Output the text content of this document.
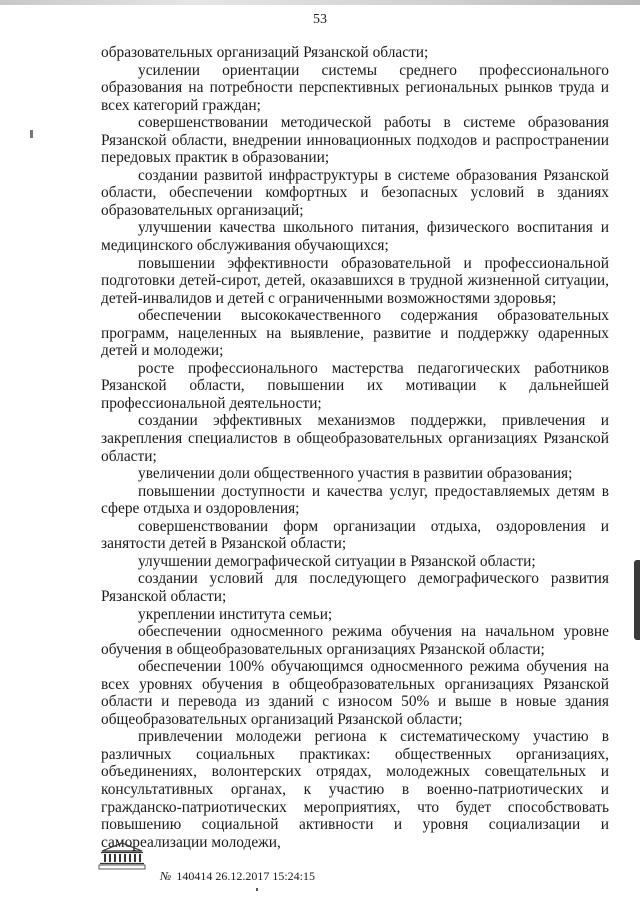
53

образовательных организаций Рязанской области;

усилении ориентации системы среднего профессионального образования на потребности перспективных региональных рынков труда и всех категорий граждан;

совершенствовании методической работы в системе образования Рязанской области, внедрении инновационных подходов и распространении передовых практик в образовании;

создании развитой инфраструктуры в системе образования Рязанской области, обеспечении комфортных и безопасных условий в зданиях образовательных организаций;

улучшении качества школьного питания, физического воспитания и медицинского обслуживания обучающихся;

повышении эффективности образовательной и профессиональной подготовки детей-сирот, детей, оказавшихся в трудной жизненной ситуации, детей-инвалидов и детей с ограниченными возможностями здоровья;

обеспечении высококачественного содержания образовательных программ, нацеленных на выявление, развитие и поддержку одаренных детей и молодежи;

росте профессионального мастерства педагогических работников Рязанской области, повышении их мотивации к дальнейшей профессиональной деятельности;

создании эффективных механизмов поддержки, привлечения и закрепления специалистов в общеобразовательных организациях Рязанской области;

увеличении доли общественного участия в развитии образования;

повышении доступности и качества услуг, предоставляемых детям в сфере отдыха и оздоровления;

совершенствовании форм организации отдыха, оздоровления и занятости детей в Рязанской области;

улучшении демографической ситуации в Рязанской области;

создании условий для последующего демографического развития Рязанской области;

укреплении института семьи;

обеспечении односменного режима обучения на начальном уровне обучения в общеобразовательных организациях Рязанской области;

обеспечении 100% обучающимся односменного режима обучения на всех уровнях обучения в общеобразовательных организациях Рязанской области и перевода из зданий с износом 50% и выше в новые здания общеобразовательных организаций Рязанской области;

привлечении молодежи региона к систематическому участию в различных социальных практиках: общественных организациях, объединениях, волонтерских отрядах, молодежных совещательных и консультативных органах, к участию в военно-патриотических и гражданско-патриотических мероприятиях, что будет способствовать повышению социальной активности и уровня социализации и самореализации молодежи,

№ 140414 26.12.2017 15:24:15
